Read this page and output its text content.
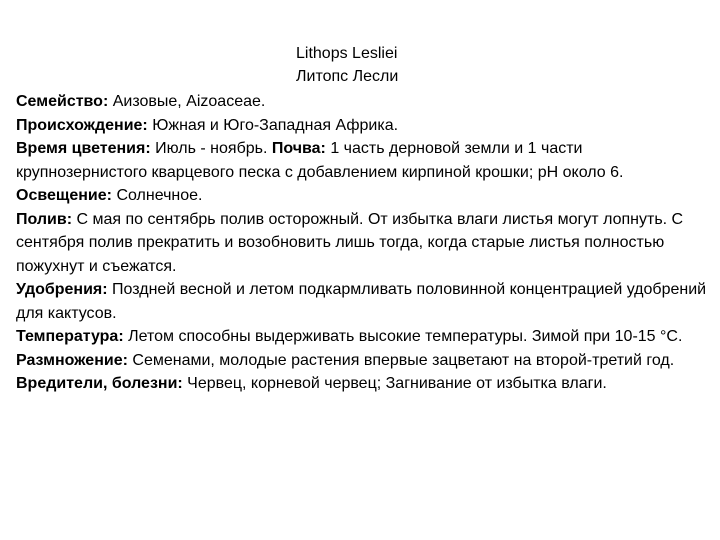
Lithops Lesliei
Литопс Лесли

Семейство: Аизовые, Aizoaceae.

Происхождение: Южная и Юго-Западная Африка.

Время цветения: Июль - ноябрь. Почва: 1 часть дерновой земли и 1 части крупнозернистого кварцевого песка с добавлением кирпиной крошки; pH около 6.

Освещение: Солнечное.

Полив: С мая по сентябрь полив осторожный. От избытка влаги листья могут лопнуть. С сентября полив прекратить и возобновить лишь тогда, когда старые листья полностью пожухнут и съежатся.

Удобрения: Поздней весной и летом подкармливать половинной концентрацией удобрений для кактусов.

Температура: Летом способны выдерживать высокие температуры. Зимой при 10-15 °С.

Размножение: Семенами, молодые растения впервые зацветают на второй-третий год.

Вредители, болезни: Червец, корневой червец; Загнивание от избытка влаги.
